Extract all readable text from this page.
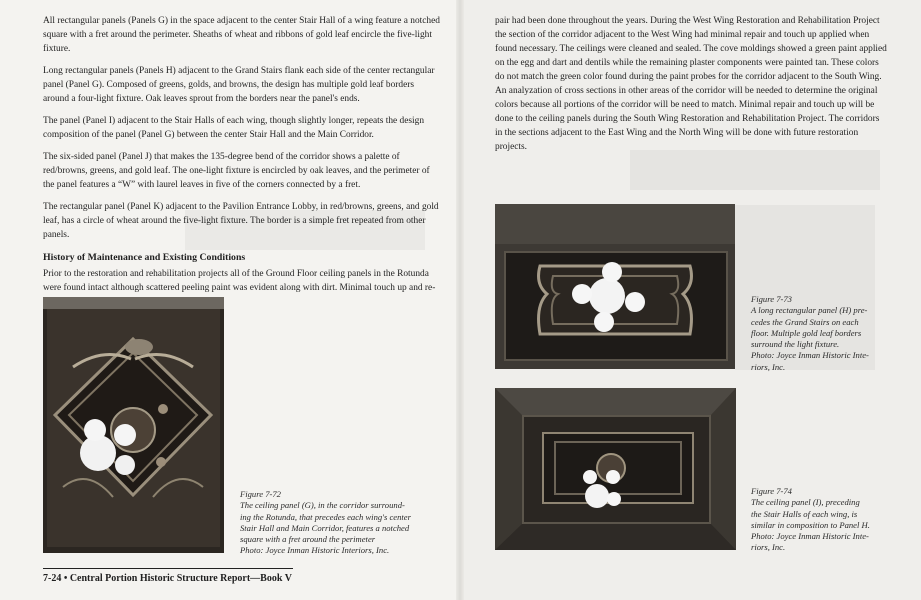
All rectangular panels (Panels G) in the space adjacent to the center Stair Hall of a wing feature a notched square with a fret around the perimeter. Sheaths of wheat and ribbons of gold leaf encircle the five-light fixture.

Long rectangular panels (Panels H) adjacent to the Grand Stairs flank each side of the center rectangular panel (Panel G). Composed of greens, golds, and browns, the design has multiple gold leaf borders around a four-light fixture. Oak leaves sprout from the borders near the panel's ends.

The panel (Panel I) adjacent to the Stair Halls of each wing, though slightly longer, repeats the design composition of the panel (Panel G) between the center Stair Hall and the Main Corridor.

The six-sided panel (Panel J) that makes the 135-degree bend of the corridor shows a palette of red/browns, greens, and gold leaf. The one-light fixture is encircled by oak leaves, and the perimeter of the panel features a “W” with laurel leaves in five of the corners connected by a fret.

The rectangular panel (Panel K) adjacent to the Pavilion Entrance Lobby, in red/browns, greens, and gold leaf, has a circle of wheat around the five-light fixture. The border is a simple fret repeated from other panels.

History of Maintenance and Existing Conditions

Prior to the restoration and rehabilitation projects all of the Ground Floor ceiling panels in the Rotunda were found intact although scattered peeling paint was evident along with dirt. Minimal touch up and re-

Figure 7-72
The ceiling panel (G), in the corridor surround-
ing the Rotunda, that precedes each wing's center
Stair Hall and Main Corridor, features a notched
square with a fret around the perimeter
Photo: Joyce Inman Historic Interiors, Inc.
7-24 • Central Portion Historic Structure Report—Book V

pair had been done throughout the years. During the West Wing Restoration and Rehabilitation Project the section of the corridor adjacent to the West Wing had minimal repair and touch up applied when found necessary. The ceilings were cleaned and sealed. The cove moldings showed a green paint applied on the egg and dart and dentils while the remaining plaster components were painted tan. These colors do not match the green color found during the paint probes for the corridor adjacent to the South Wing. An analyzation of cross sections in other areas of the corridor will be needed to determine the original colors because all portions of the corridor will be need to match. Minimal repair and touch up will be done to the ceiling panels during the South Wing Restoration and Rehabilitation Project. The corridors in the sections adjacent to the East Wing and the North Wing will be done with future restoration projects.

Figure 7-73
A long rectangular panel (H) pre-
cedes the Grand Stairs on each
floor. Multiple gold leaf borders
surround the light fixture.
Photo: Joyce Inman Historic Inte-
riors, Inc.
Figure 7-74
The ceiling panel (I), preceding
the Stair Halls of each wing, is
similar in composition to Panel H.
Photo: Joyce Inman Historic Inte-
riors, Inc.
